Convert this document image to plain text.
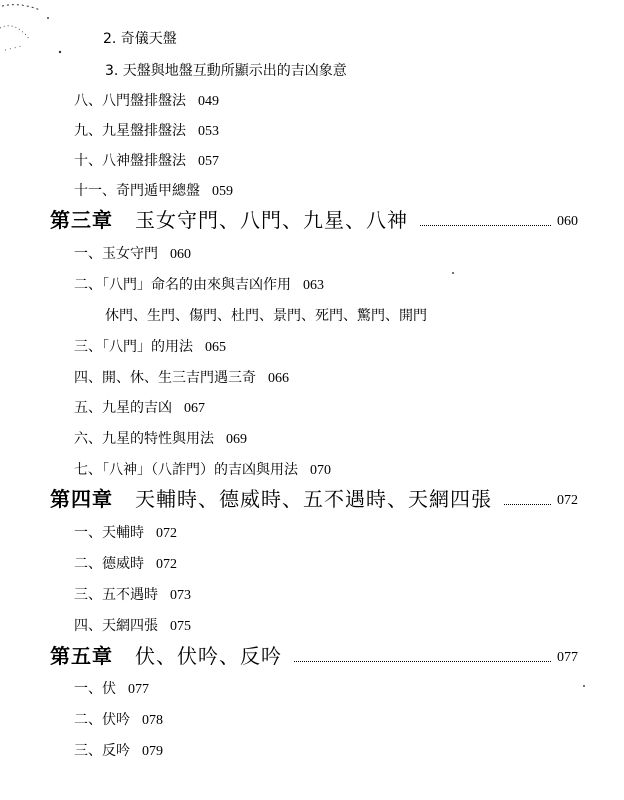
2. 奇儀天盤
3. 天盤與地盤互動所顯示出的吉凶象意
八、八門盤排盤法 049
九、九星盤排盤法 053
十、八神盤排盤法 057
十一、奇門遁甲總盤 059
第三章 玉女守門、八門、九星、八神	060
一、玉女守門 060
二、「八門」命名的由來與吉凶作用 063
休門、生門、傷門、杜門、景門、死門、驚門、開門
三、「八門」的用法 065
四、開、休、生三吉門遇三奇 066
五、九星的吉凶 067
六、九星的特性與用法 069
七、「八神」（八詐門）的吉凶與用法 070
第四章 天輔時、德威時、五不遇時、天網四張	072
一、天輔時 072
二、德威時 072
三、五不遇時 073
四、天網四張 075
第五章 伏、伏吟、反吟	077
一、伏 077
二、伏吟 078
三、反吟 079
